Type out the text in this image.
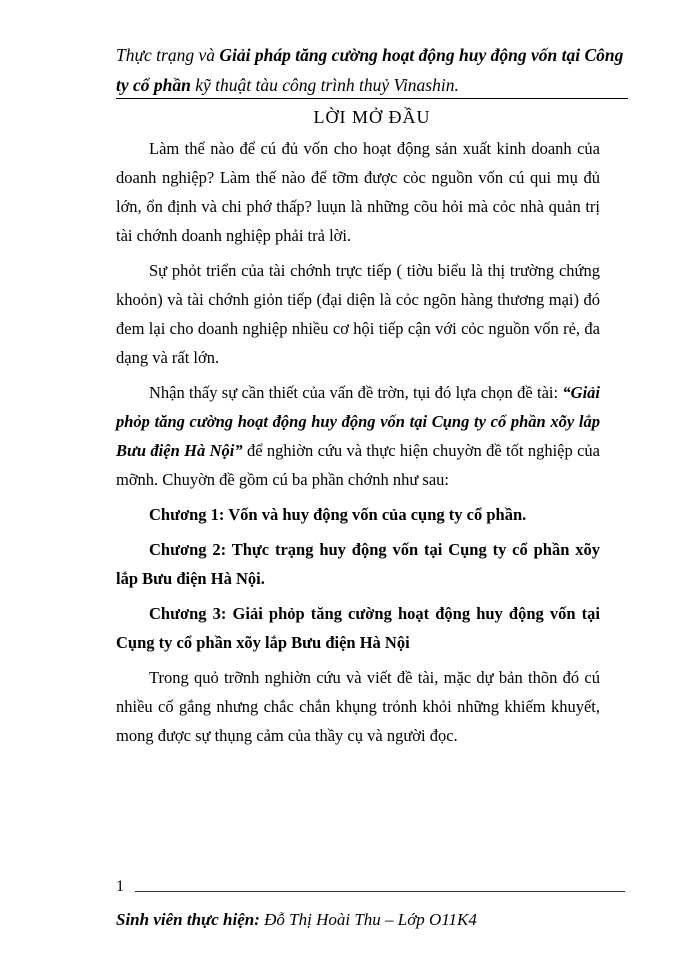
Thực trạng và Giải pháp tăng cường hoạt động huy động vốn tại Công ty cổ phần kỹ thuật tàu công trình thuỷ Vinashin.
LỜI MỞ ĐẦU

Làm thế nào để cú đủ vốn cho hoạt động sản xuất kinh doanh của doanh nghiệp? Làm thế nào để tỡm được cỏc nguồn vốn cú qui mụ đủ lớn, ổn định và chi phớ thấp? luụn là những cõu hỏi mà cỏc nhà quản trị tài chớnh doanh nghiệp phải trả lời.

Sự phỏt triển của tài chớnh trực tiếp ( tiờu biểu là thị trường chứng khoỏn) và tài chớnh giỏn tiếp (đại diện là cỏc ngõn hàng thương mại) đó đem lại cho doanh nghiệp nhiều cơ hội tiếp cận với cỏc nguồn vốn rẻ, đa dạng và rất lớn.

Nhận thấy sự cần thiết của vấn đề trờn, tụi đó lựa chọn đề tài: “Giải phỏp tăng cường hoạt động huy động vốn tại Cụng ty cổ phần xõy lắp Bưu điện Hà Nội” để nghiờn cứu và thực hiện chuyờn đề tốt nghiệp của mỡnh. Chuyờn đề gồm cú ba phần chớnh như sau:

Chương 1: Vốn và huy động vốn của cụng ty cổ phần.

Chương 2: Thực trạng huy động vốn tại Cụng ty cổ phần xõy lắp Bưu điện Hà Nội.

Chương 3: Giải phỏp tăng cường hoạt động huy động vốn tại Cụng ty cổ phần xõy lắp Bưu điện Hà Nội

Trong quỏ trỡnh nghiờn cứu và viết đề tài, mặc dự bản thõn đó cú nhiều cố gắng nhưng chắc chắn khụng trỏnh khỏi những khiếm khuyết, mong được sự thụng cảm của thầy cụ và người đọc.

1
Sinh viên thực hiện: Đỗ Thị Hoài Thu – Lớp O11K4
